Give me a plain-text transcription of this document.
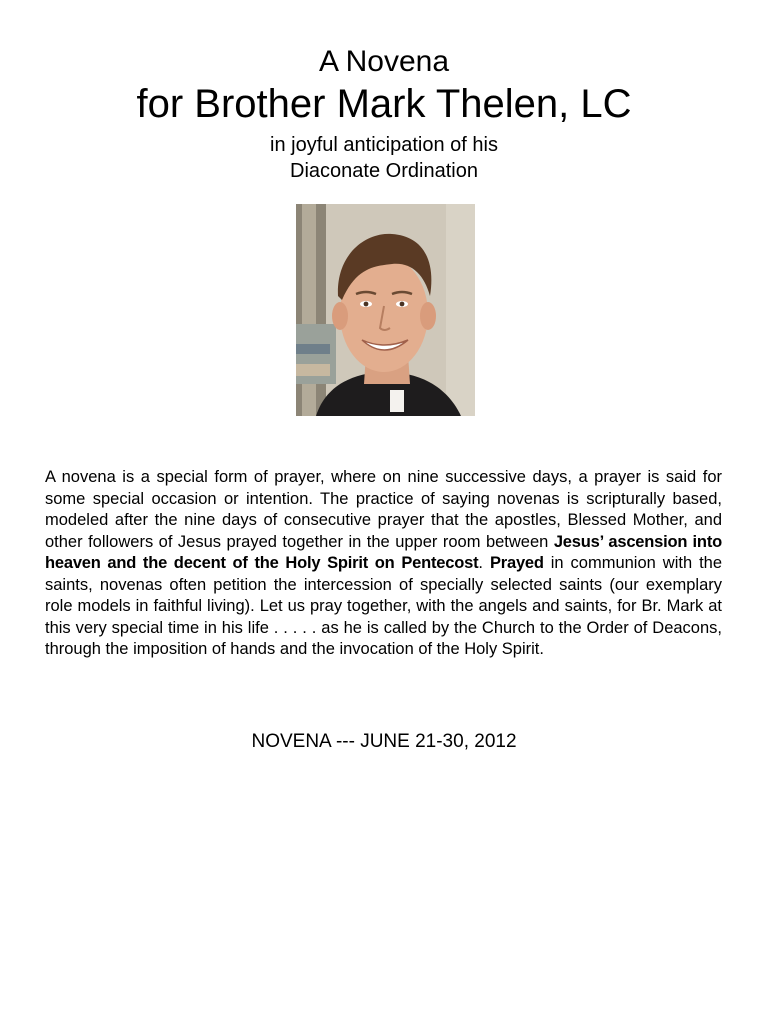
A Novena
for Brother Mark Thelen, LC
in joyful anticipation of his
Diaconate Ordination

A novena is a special form of prayer, where on nine successive days, a prayer is said for some special occasion or intention. The practice of saying novenas is scripturally based, modeled after the nine days of consecutive prayer that the apostles, Blessed Mother, and other followers of Jesus prayed together in the upper room between Jesus’ ascension into heaven and the decent of the Holy Spirit on Pentecost. Prayed in communion with the saints, novenas often petition the intercession of specially selected saints (our exemplary role models in faithful living). Let us pray together, with the angels and saints, for Br. Mark at this very special time in his life . . . . . as he is called by the Church to the Order of Deacons, through the imposition of hands and the invocation of the Holy Spirit.

NOVENA --- JUNE 21-30, 2012
